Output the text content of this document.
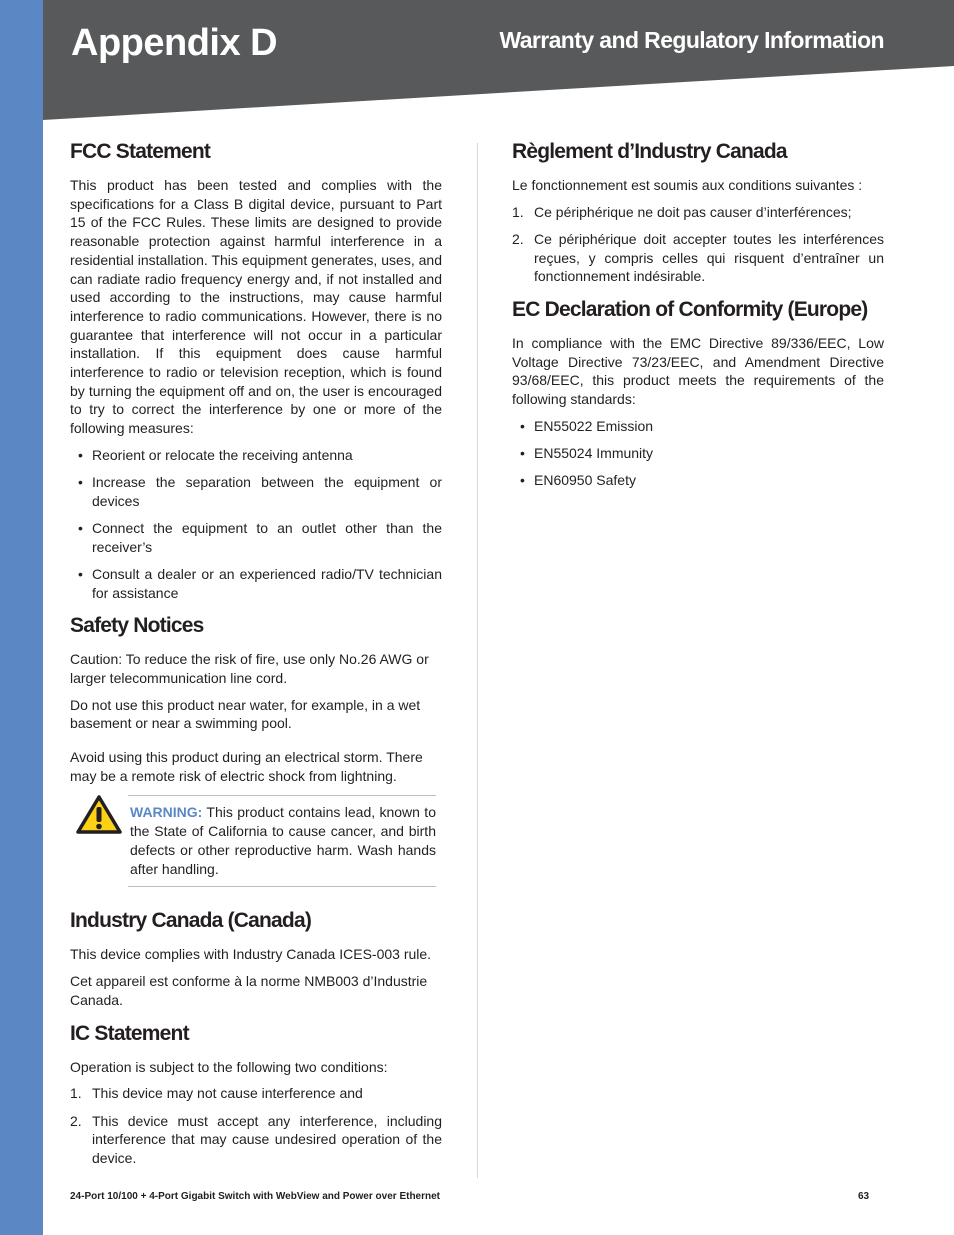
Appendix D	Warranty and Regulatory Information
FCC Statement

This product has been tested and complies with the specifications for a Class B digital device, pursuant to Part 15 of the FCC Rules. These limits are designed to provide reasonable protection against harmful interference in a residential installation. This equipment generates, uses, and can radiate radio frequency energy and, if not installed and used according to the instructions, may cause harmful interference to radio communications. However, there is no guarantee that interference will not occur in a particular installation. If this equipment does cause harmful interference to radio or television reception, which is found by turning the equipment off and on, the user is encouraged to try to correct the interference by one or more of the following measures:

• Reorient or relocate the receiving antenna
• Increase the separation between the equipment or devices
• Connect the equipment to an outlet other than the receiver’s
• Consult a dealer or an experienced radio/TV technician for assistance
Safety Notices

Caution: To reduce the risk of fire, use only No.26 AWG or larger telecommunication line cord.

Do not use this product near water, for example, in a wet basement or near a swimming pool.

Avoid using this product during an electrical storm. There may be a remote risk of electric shock from lightning.

WARNING: This product contains lead, known to the State of California to cause cancer, and birth defects or other reproductive harm. Wash hands after handling.
Industry Canada (Canada)

This device complies with Industry Canada ICES-003 rule.

Cet appareil est conforme à la norme NMB003 d’Industrie Canada.

IC Statement

Operation is subject to the following two conditions:

1. This device may not cause interference and
2. This device must accept any interference, including interference that may cause undesired operation of the device.
Règlement d’Industry Canada

Le fonctionnement est soumis aux conditions suivantes :

1. Ce périphérique ne doit pas causer d’interférences;
2. Ce périphérique doit accepter toutes les interférences reçues, y compris celles qui risquent d’entraîner un fonctionnement indésirable.
EC Declaration of Conformity (Europe)

In compliance with the EMC Directive 89/336/EEC, Low Voltage Directive 73/23/EEC, and Amendment Directive 93/68/EEC, this product meets the requirements of the following standards:

• EN55022 Emission
• EN55024 Immunity
• EN60950 Safety
24-Port 10/100 + 4-Port Gigabit Switch with WebView and Power over Ethernet	63
